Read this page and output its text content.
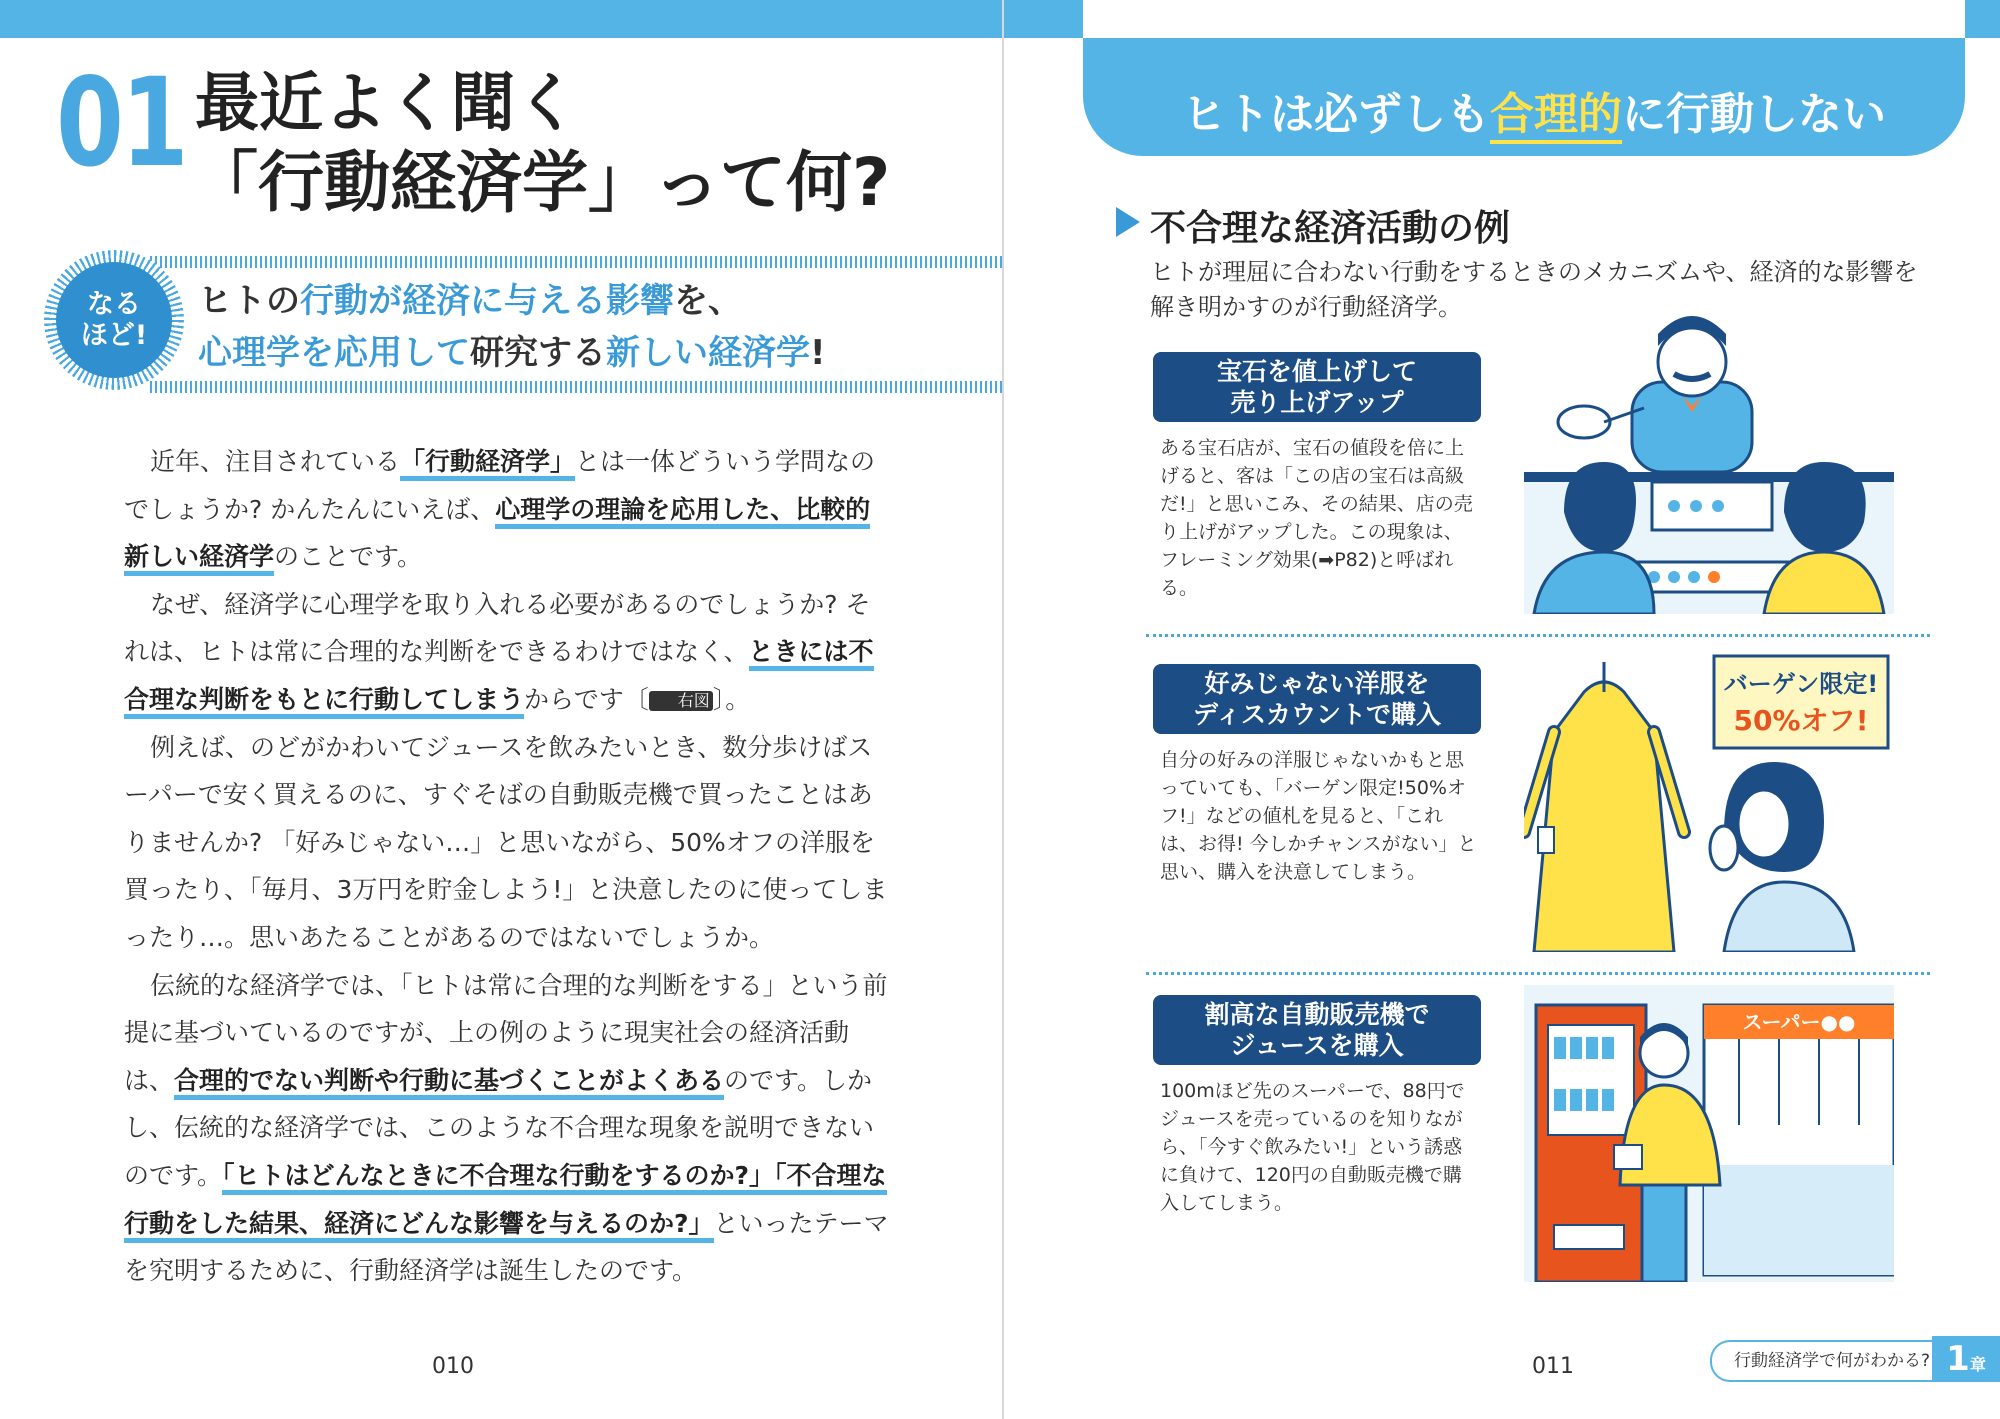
01 最近よく聞く
「行動経済学」って何?
なる
ほど!
ヒトの行動が経済に与える影響を、
心理学を応用して研究する新しい経済学!

近年、注目されている「行動経済学」とは一体どういう学問なのでしょうか? かんたんにいえば、心理学の理論を応用した、比較的新しい経済学のことです。

なぜ、経済学に心理学を取り入れる必要があるのでしょうか? それは、ヒトは常に合理的な判断をできるわけではなく、ときには不合理な判断をもとに行動してしまうからです〔 右図 〕。

例えば、のどがかわいてジュースを飲みたいとき、数分歩けばスーパーで安く買えるのに、すぐそばの自動販売機で買ったことはありませんか? 「好みじゃない…」と思いながら、50%オフの洋服を買ったり、「毎月、3万円を貯金しよう!」と決意したのに使ってしまったり…。思いあたることがあるのではないでしょうか。

伝統的な経済学では、「ヒトは常に合理的な判断をする」という前提に基づいているのですが、上の例のように現実社会の経済活動は、合理的でない判断や行動に基づくことがよくあるのです。しかし、伝統的な経済学では、このような不合理な現象を説明できないのです。「ヒトはどんなときに不合理な行動をするのか?」「不合理な行動をした結果、経済にどんな影響を与えるのか?」といったテーマを究明するために、行動経済学は誕生したのです。

010
ヒトは必ずしも合理的に行動しない
不合理な経済活動の例
ヒトが理屈に合わない行動をするときのメカニズムや、経済的な影響を解き明かすのが行動経済学。
宝石を値上げして
売り上げアップ
ある宝石店が、宝石の値段を倍に上げると、客は「この店の宝石は高級だ!」と思いこみ、その結果、店の売り上げがアップした。この現象は、フレーミング効果(➡P82)と呼ばれる。
好みじゃない洋服を
ディスカウントで購入
自分の好みの洋服じゃないかもと思っていても、「バーゲン限定!50%オフ!」などの値札を見ると、「これは、お得! 今しかチャンスがない」と思い、購入を決意してしまう。
バーゲン限定!
50%オフ!
割高な自動販売機で
ジュースを購入
100mほど先のスーパーで、88円でジュースを売っているのを知りながら、「今すぐ飲みたい!」という誘惑に負けて、120円の自動販売機で購入してしまう。
スーパー●●
011	行動経済学で何がわかる? 1章
